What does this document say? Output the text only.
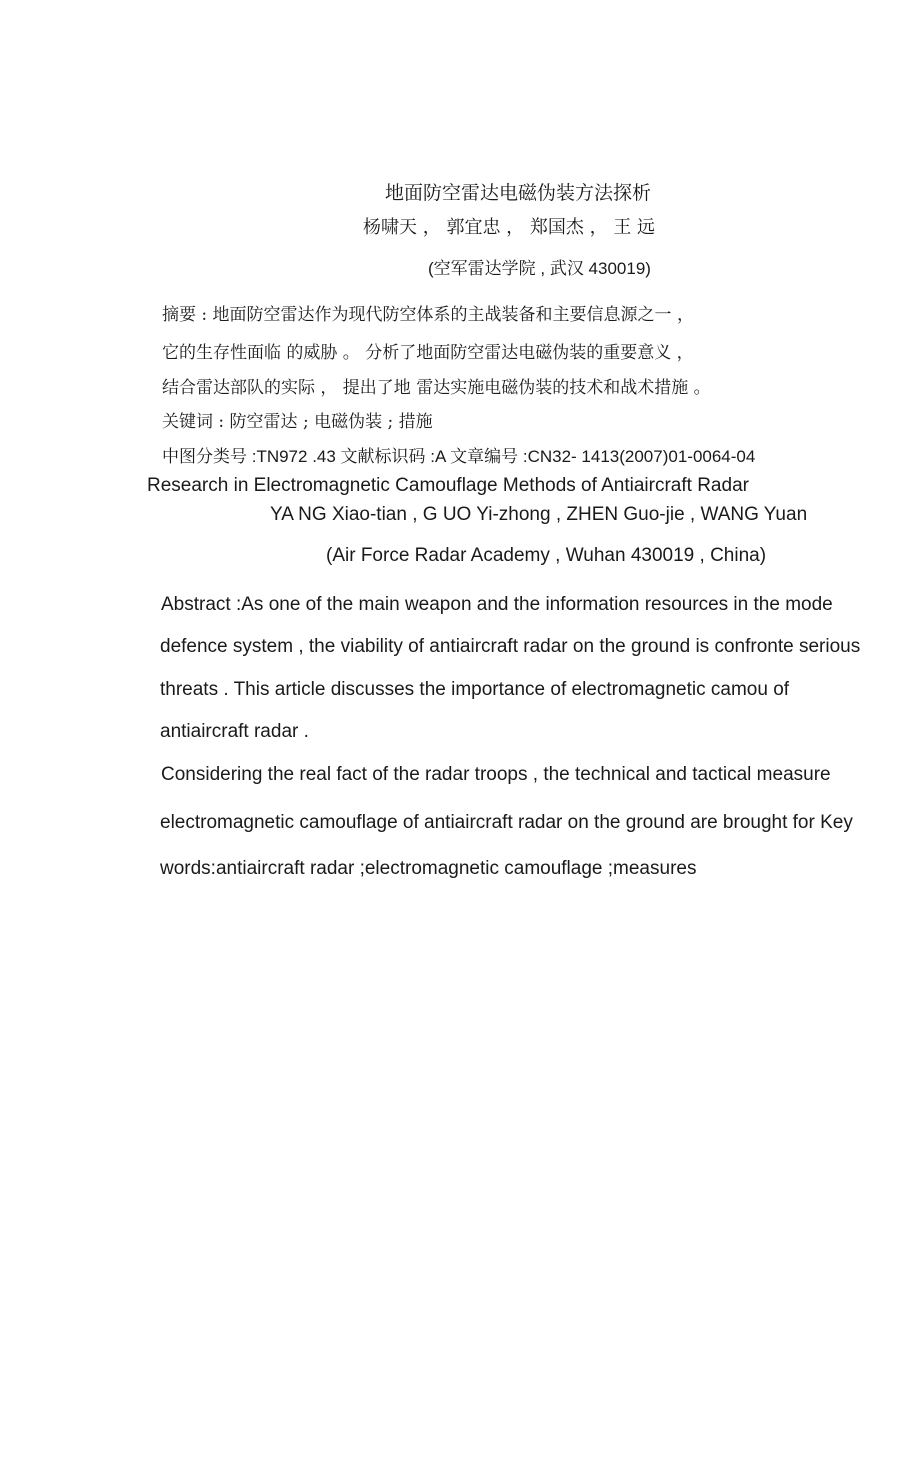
地面防空雷达电磁伪装方法探析

杨啸天 ， 郭宜忠 ， 郑国杰 ， 王 远

(空军雷达学院 , 武汉 430019)

摘要 : 地面防空雷达作为现代防空体系的主战装备和主要信息源之一 ，

它的生存性面临 的威胁 。 分析了地面防空雷达电磁伪装的重要意义 ，

结合雷达部队的实际 ， 提出了地 雷达实施电磁伪装的技术和战术措施 。

关键词 : 防空雷达 ; 电磁伪装 ; 措施

中图分类号 :TN972 .43 文献标识码 :A 文章编号 :CN32- 1413(2007)01-0064-04

Research in Electromagnetic Camouflage Methods of Antiaircraft Radar

YA NG Xiao-tian , G UO Yi-zhong , ZHEN Guo-jie , WANG Yuan

(Air Force Radar Academy , Wuhan 430019 , China)

Abstract :As one of the main weapon and the information resources in the mode

defence system , the viability of antiaircraft radar on the ground is confronte serious

threats . This article discusses the importance of electromagnetic camou of

antiaircraft radar .

Considering the real fact of the radar troops , the technical and tactical measure

electromagnetic camouflage of antiaircraft radar on the ground are brought for Key

words:antiaircraft radar ;electromagnetic camouflage ;measures
